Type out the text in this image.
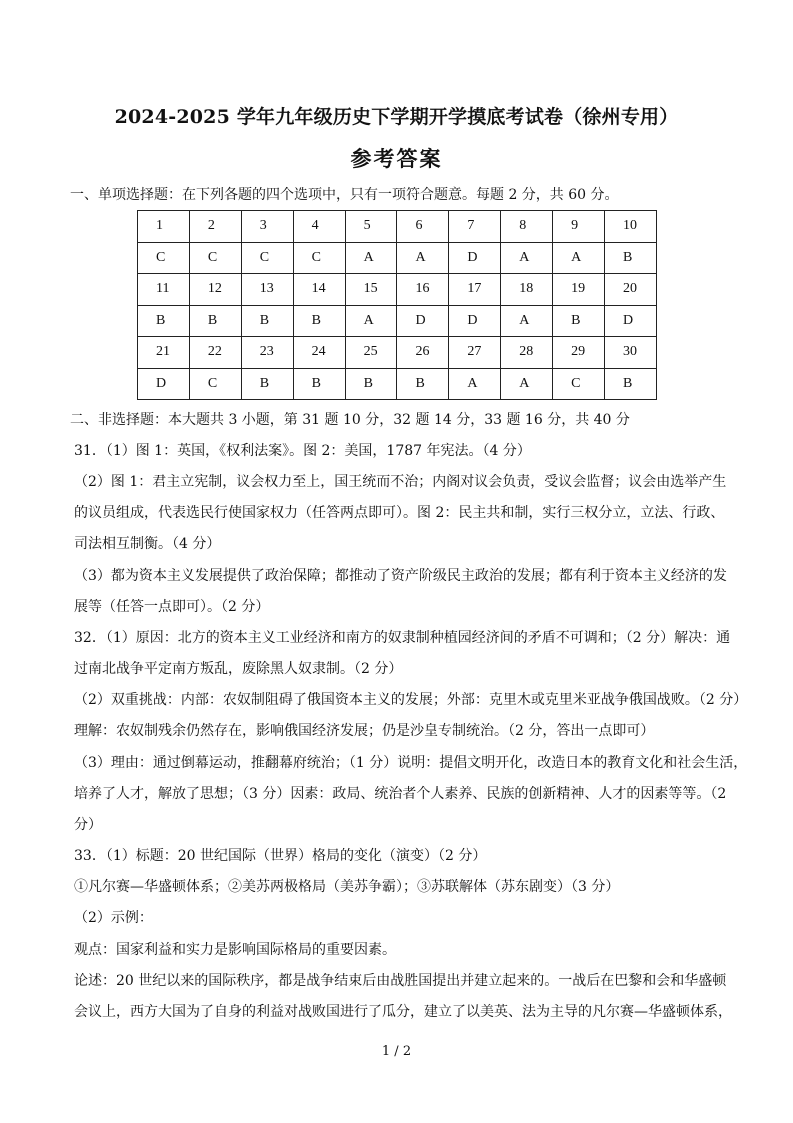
2024-2025 学年九年级历史下学期开学摸底考试卷（徐州专用）
参考答案
一、单项选择题：在下列各题的四个选项中，只有一项符合题意。每题 2 分，共 60 分。
1	2	3	4	5	6	7	8	9	10
C	C	C	C	A	A	D	A	A	B
11	12	13	14	15	16	17	18	19	20
B	B	B	B	A	D	D	A	B	D
21	22	23	24	25	26	27	28	29	30
D	C	B	B	B	B	A	A	C	B
二、非选择题：本大题共 3 小题，第 31 题 10 分，32 题 14 分，33 题 16 分，共 40 分
31．（1）图 1：英国，《权利法案》。图 2：美国，1787 年宪法。（4 分）
（2）图 1：君主立宪制，议会权力至上，国王统而不治；内阁对议会负责，受议会监督；议会由选举产生
的议员组成，代表选民行使国家权力（任答两点即可）。图 2：民主共和制，实行三权分立，立法、行政、
司法相互制衡。（4 分）
（3）都为资本主义发展提供了政治保障；都推动了资产阶级民主政治的发展；都有利于资本主义经济的发
展等（任答一点即可）。（2 分）
32．（1）原因：北方的资本主义工业经济和南方的奴隶制种植园经济间的矛盾不可调和；（2 分）解决：通
过南北战争平定南方叛乱，废除黑人奴隶制。（2 分）
（2）双重挑战：内部：农奴制阻碍了俄国资本主义的发展；外部：克里木或克里米亚战争俄国战败。（2 分）
理解：农奴制残余仍然存在，影响俄国经济发展；仍是沙皇专制统治。（2 分，答出一点即可）
（3）理由：通过倒幕运动，推翻幕府统治；（1 分）说明：提倡文明开化，改造日本的教育文化和社会生活，
培养了人才，解放了思想；（3 分）因素：政局、统治者个人素养、民族的创新精神、人才的因素等等。（2
分）
33．（1）标题：20 世纪国际（世界）格局的变化（演变）（2 分）
①凡尔赛—华盛顿体系；②美苏两极格局（美苏争霸）；③苏联解体（苏东剧变）（3 分）
（2）示例：
观点：国家利益和实力是影响国际格局的重要因素。
论述：20 世纪以来的国际秩序，都是战争结束后由战胜国提出并建立起来的。一战后在巴黎和会和华盛顿
会议上，西方大国为了自身的利益对战败国进行了瓜分，建立了以美英、法为主导的凡尔赛—华盛顿体系，
1 / 2
